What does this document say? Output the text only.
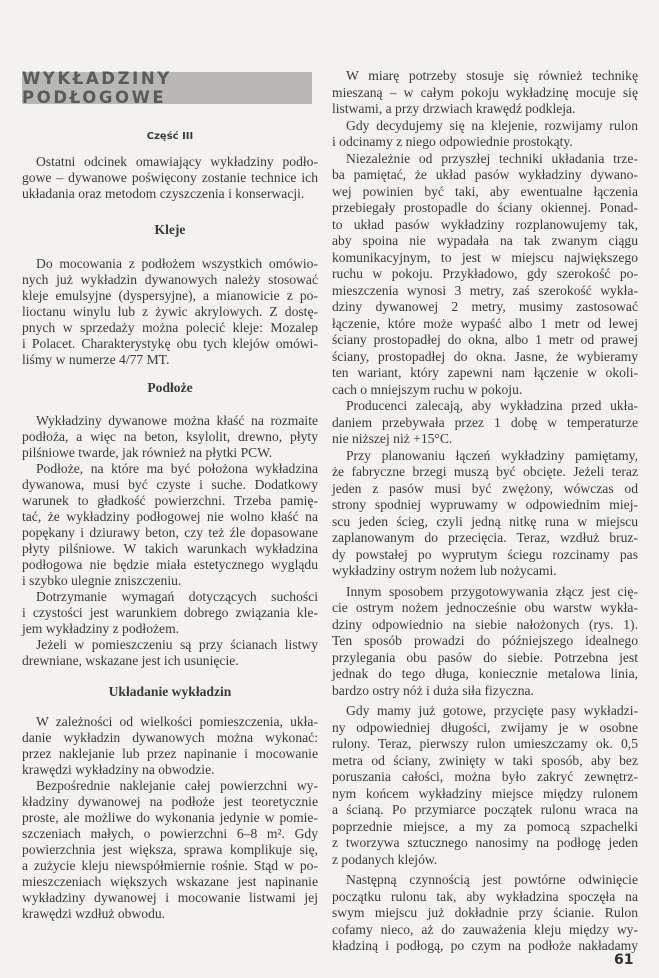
WYKŁADZINY PODŁOGOWE
Część III
Ostatni odcinek omawiający wykładziny podło-
gowe – dywanowe poświęcony zostanie technice ich
układania oraz metodom czyszczenia i konserwacji.
Kleje
Do mocowania z podłożem wszystkich omówio-
nych już wykładzin dywanowych należy stosować
kleje emulsyjne (dyspersyjne), a mianowicie z po-
lioctanu winylu lub z żywic akrylowych. Z dostę-
pnych w sprzedaży można polecić kleje: Mozalep
i Polacet. Charakterystykę obu tych klejów omówi-
liśmy w numerze 4/77 MT.
Podłoże
Wykładziny dywanowe można kłaść na rozmaite
podłoża, a więc na beton, ksylolit, drewno, płyty
pilśniowe twarde, jak również na płytki PCW.
Podłoże, na które ma być położona wykładzina
dywanowa, musi być czyste i suche. Dodatkowy
warunek to gładkość powierzchni. Trzeba pamię-
tać, że wykładziny podłogowej nie wolno kłaść na
popękany i dziurawy beton, czy też źle dopasowane
płyty pilśniowe. W takich warunkach wykładzina
podłogowa nie będzie miała estetycznego wyglądu
i szybko ulegnie zniszczeniu.
Dotrzymanie wymagań dotyczących suchości
i czystości jest warunkiem dobrego związania kle-
jem wykładziny z podłożem.
Jeżeli w pomieszczeniu są przy ścianach listwy
drewniane, wskazane jest ich usunięcie.
Układanie wykładzin
W zależności od wielkości pomieszczenia, ukła-
danie wykładzin dywanowych można wykonać:
przez naklejanie lub przez napinanie i mocowanie
krawędzi wykładziny na obwodzie.
Bezpośrednie naklejanie całej powierzchni wy-
kładziny dywanowej na podłoże jest teoretycznie
proste, ale możliwe do wykonania jedynie w pomie-
szczeniach małych, o powierzchni 6–8 m². Gdy
powierzchnia jest większa, sprawa komplikuje się,
a zużycie kleju niewspółmiernie rośnie. Stąd w po-
mieszczeniach większych wskazane jest napinanie
wykładziny dywanowej i mocowanie listwami jej
krawędzi wzdłuż obwodu.
W miarę potrzeby stosuje się również technikę
mieszaną – w całym pokoju wykładzinę mocuje się
listwami, a przy drzwiach krawędź podkleja.
Gdy decydujemy się na klejenie, rozwijamy rulon
i odcinamy z niego odpowiednie prostokąty.
Niezależnie od przyszłej techniki układania trze-
ba pamiętać, że układ pasów wykładziny dywano-
wej powinien być taki, aby ewentualne łączenia
przebiegały prostopadle do ściany okiennej. Ponad-
to układ pasów wykładziny rozplanowujemy tak,
aby spoina nie wypadała na tak zwanym ciągu
komunikacyjnym, to jest w miejscu największego
ruchu w pokoju. Przykładowo, gdy szerokość po-
mieszczenia wynosi 3 metry, zaś szerokość wykła-
dziny dywanowej 2 metry, musimy zastosować
łączenie, które może wypaść albo 1 metr od lewej
ściany prostopadłej do okna, albo 1 metr od prawej
ściany, prostopadłej do okna. Jasne, że wybieramy
ten wariant, który zapewni nam łączenie w okoli-
cach o mniejszym ruchu w pokoju.
Producenci zalecają, aby wykładzina przed ukła-
daniem przebywała przez 1 dobę w temperaturze
nie niższej niż +15°C.
Przy planowaniu łączeń wykładziny pamiętamy,
że fabryczne brzegi muszą być obcięte. Jeżeli teraz
jeden z pasów musi być zwężony, wówczas od
strony spodniej wypruwamy w odpowiednim miej-
scu jeden ścieg, czyli jedną nitkę runa w miejscu
zaplanowanym do przecięcia. Teraz, wzdłuż bruz-
dy powstałej po wyprutym ściegu rozcinamy pas
wykładziny ostrym nożem lub nożycami.
Innym sposobem przygotowywania złącz jest cię-
cie ostrym nożem jednocześnie obu warstw wykła-
dziny odpowiednio na siebie nałożonych (rys. 1).
Ten sposób prowadzi do późniejszego idealnego
przylegania obu pasów do siebie. Potrzebna jest
jednak do tego długa, koniecznie metalowa linia,
bardzo ostry nóż i duża siła fizyczna.
Gdy mamy już gotowe, przycięte pasy wykładzi-
ny odpowiedniej długości, zwijamy je w osobne
rulony. Teraz, pierwszy rulon umieszczamy ok. 0,5
metra od ściany, zwinięty w taki sposób, aby bez
poruszania całości, można było zakryć zewnętrz-
nym końcem wykładziny miejsce między rulonem
a ścianą. Po przymiarce początek rulonu wraca na
poprzednie miejsce, a my za pomocą szpachelki
z tworzywa sztucznego nanosimy na podłogę jeden
z podanych klejów.
Następną czynnością jest powtórne odwinięcie
początku rulonu tak, aby wykładzina spoczęła na
swym miejscu już dokładnie przy ścianie. Rulon
cofamy nieco, aż do zauważenia kleju między wy-
kładziną i podłogą, po czym na podłoże nakładamy
61
